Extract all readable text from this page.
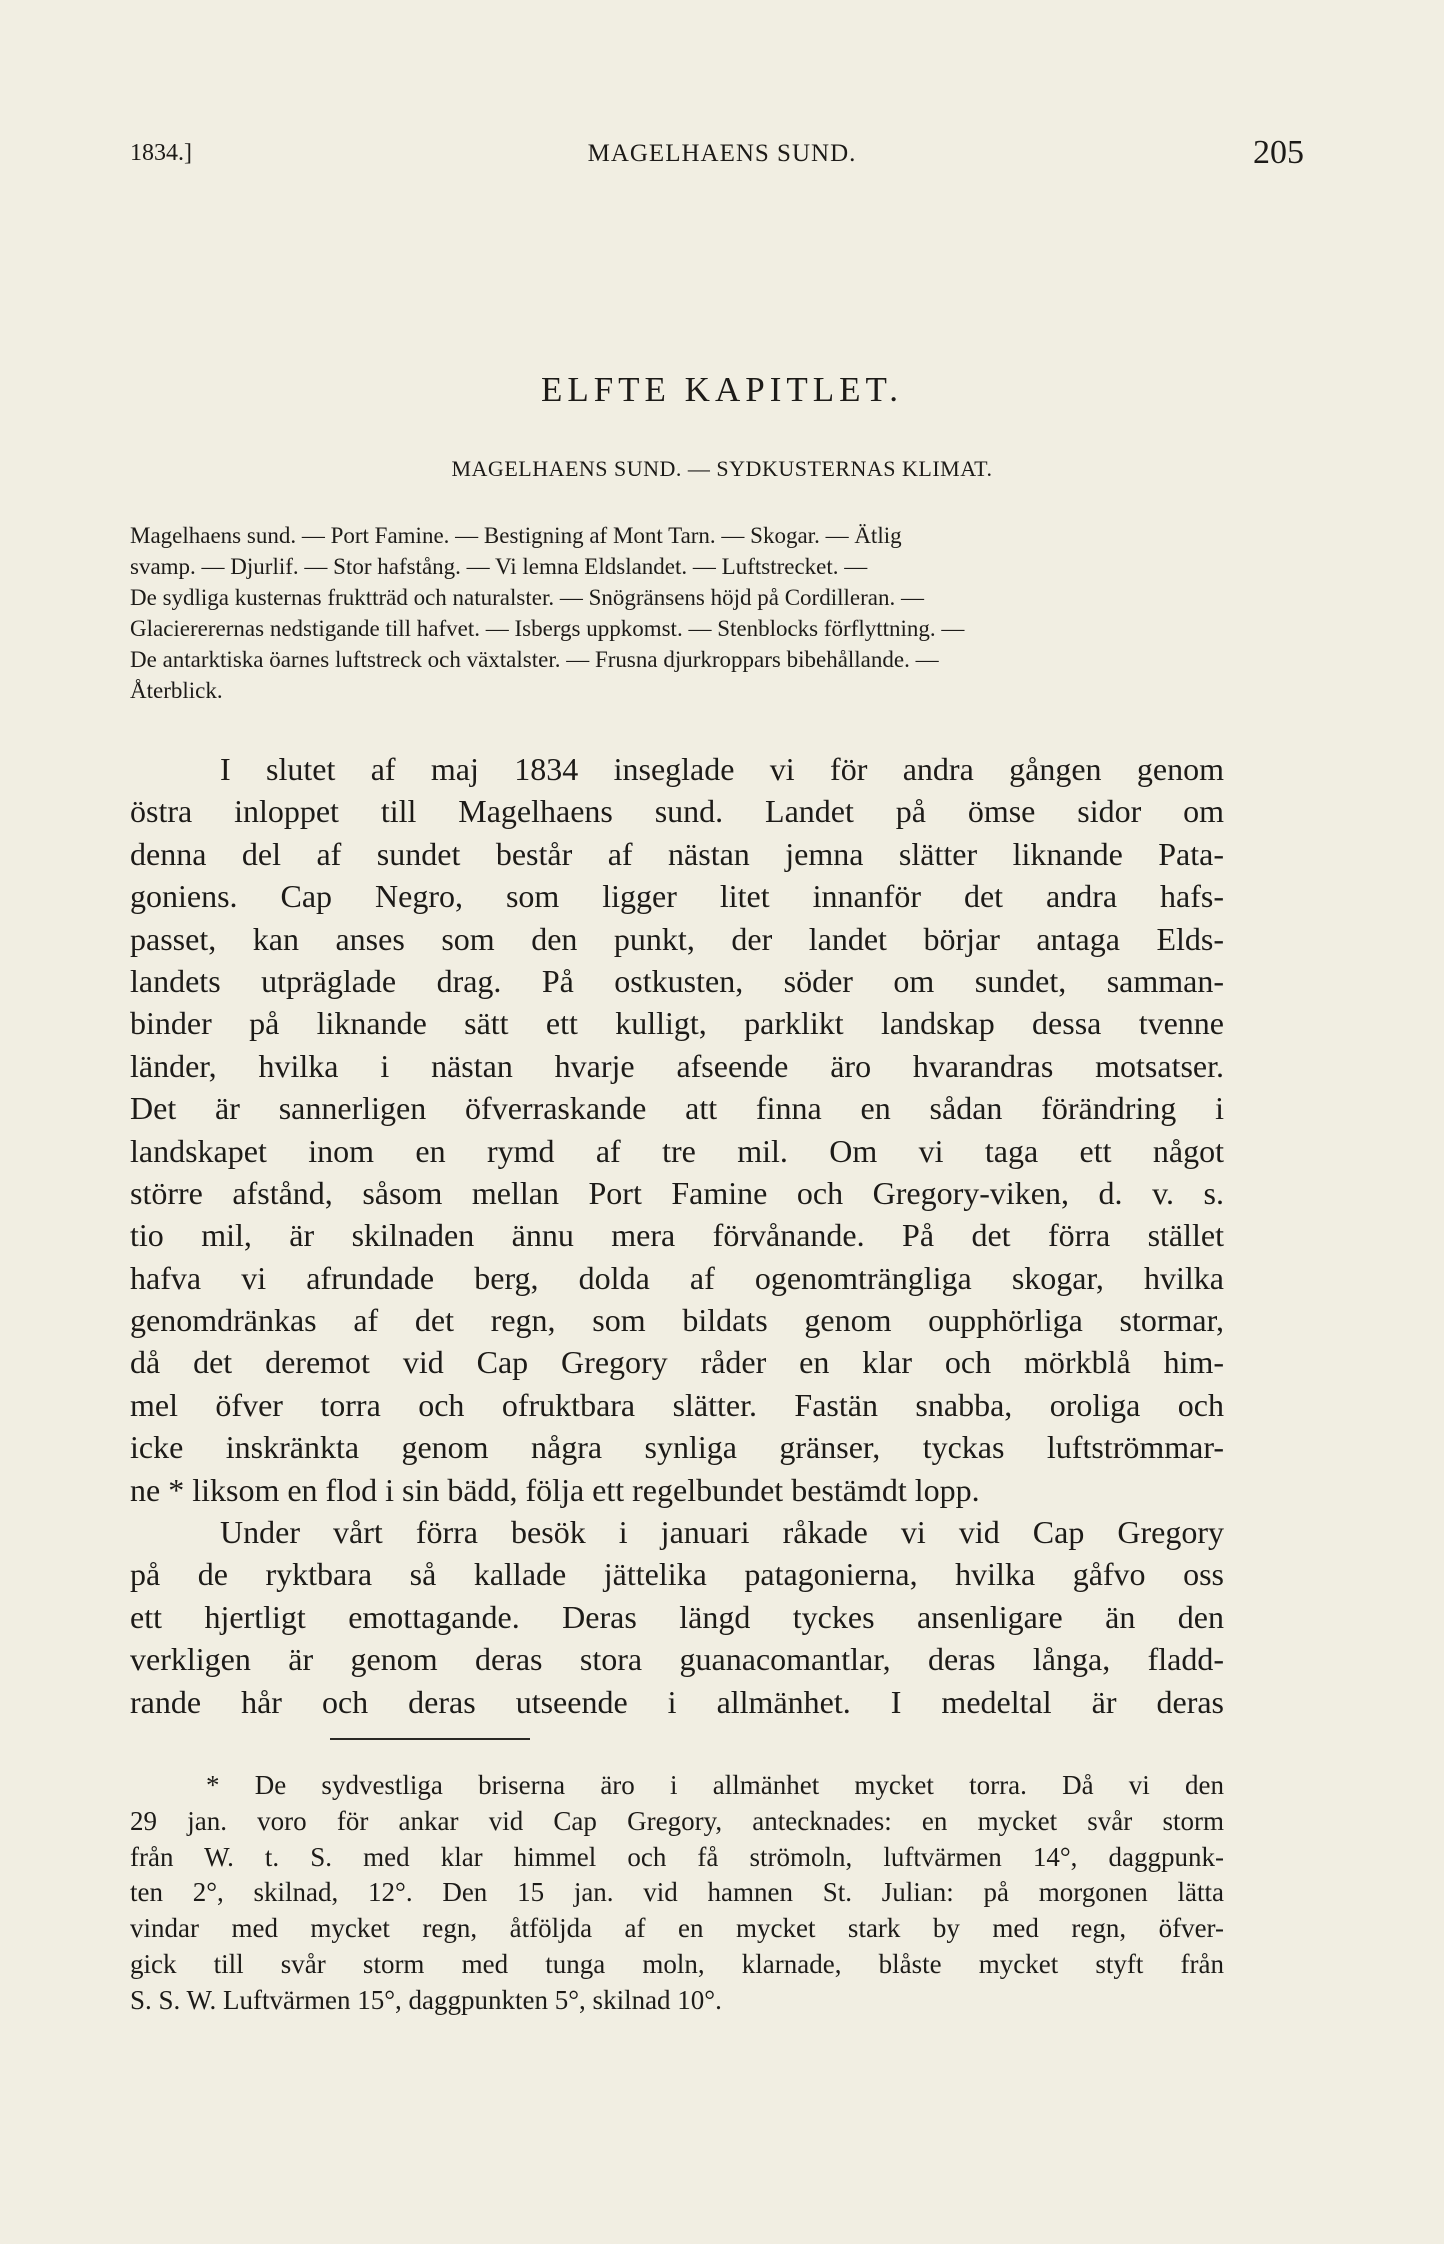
1834.]	MAGELHAENS SUND.	205
ELFTE KAPITLET.
MAGELHAENS SUND. — SYDKUSTERNAS KLIMAT.
Magelhaens sund. — Port Famine. — Bestigning af Mont Tarn. — Skogar. — Ätlig
svamp. — Djurlif. — Stor hafstång. — Vi lemna Eldslandet. — Luftstrecket. —
De sydliga kusternas fruktträd och naturalster. — Snögränsens höjd på Cordilleran. —
Glaciererernas nedstigande till hafvet. — Isbergs uppkomst. — Stenblocks förflyttning. —
De antarktiska öarnes luftstreck och växtalster. — Frusna djurkroppars bibehållande. —
Återblick.
I slutet af maj 1834 inseglade vi för andra gången genom
östra inloppet till Magelhaens sund. Landet på ömse sidor om
denna del af sundet består af nästan jemna slätter liknande Pata-
goniens. Cap Negro, som ligger litet innanför det andra hafs-
passet, kan anses som den punkt, der landet börjar antaga Elds-
landets utpräglade drag. På ostkusten, söder om sundet, samman-
binder på liknande sätt ett kulligt, parklikt landskap dessa tvenne
länder, hvilka i nästan hvarje afseende äro hvarandras motsatser.
Det är sannerligen öfverraskande att finna en sådan förändring i
landskapet inom en rymd af tre mil. Om vi taga ett något
större afstånd, såsom mellan Port Famine och Gregory-viken, d. v. s.
tio mil, är skilnaden ännu mera förvånande. På det förra stället
hafva vi afrundade berg, dolda af ogenomträngliga skogar, hvilka
genomdränkas af det regn, som bildats genom oupphörliga stormar,
då det deremot vid Cap Gregory råder en klar och mörkblå him-
mel öfver torra och ofruktbara slätter. Fastän snabba, oroliga och
icke inskränkta genom några synliga gränser, tyckas luftströmmar-
ne * liksom en flod i sin bädd, följa ett regelbundet bestämdt lopp.
Under vårt förra besök i januari råkade vi vid Cap Gregory
på de ryktbara så kallade jättelika patagonierna, hvilka gåfvo oss
ett hjertligt emottagande. Deras längd tyckes ansenligare än den
verkligen är genom deras stora guanacomantlar, deras långa, fladd-
rande hår och deras utseende i allmänhet. I medeltal är deras
* De sydvestliga briserna äro i allmänhet mycket torra. Då vi den
29 jan. voro för ankar vid Cap Gregory, antecknades: en mycket svår storm
från W. t. S. med klar himmel och få strömoln, luftvärmen 14°, daggpunk-
ten 2°, skilnad, 12°. Den 15 jan. vid hamnen St. Julian: på morgonen lätta
vindar med mycket regn, åtföljda af en mycket stark by med regn, öfver-
gick till svår storm med tunga moln, klarnade, blåste mycket styft från
S. S. W. Luftvärmen 15°, daggpunkten 5°, skilnad 10°.
